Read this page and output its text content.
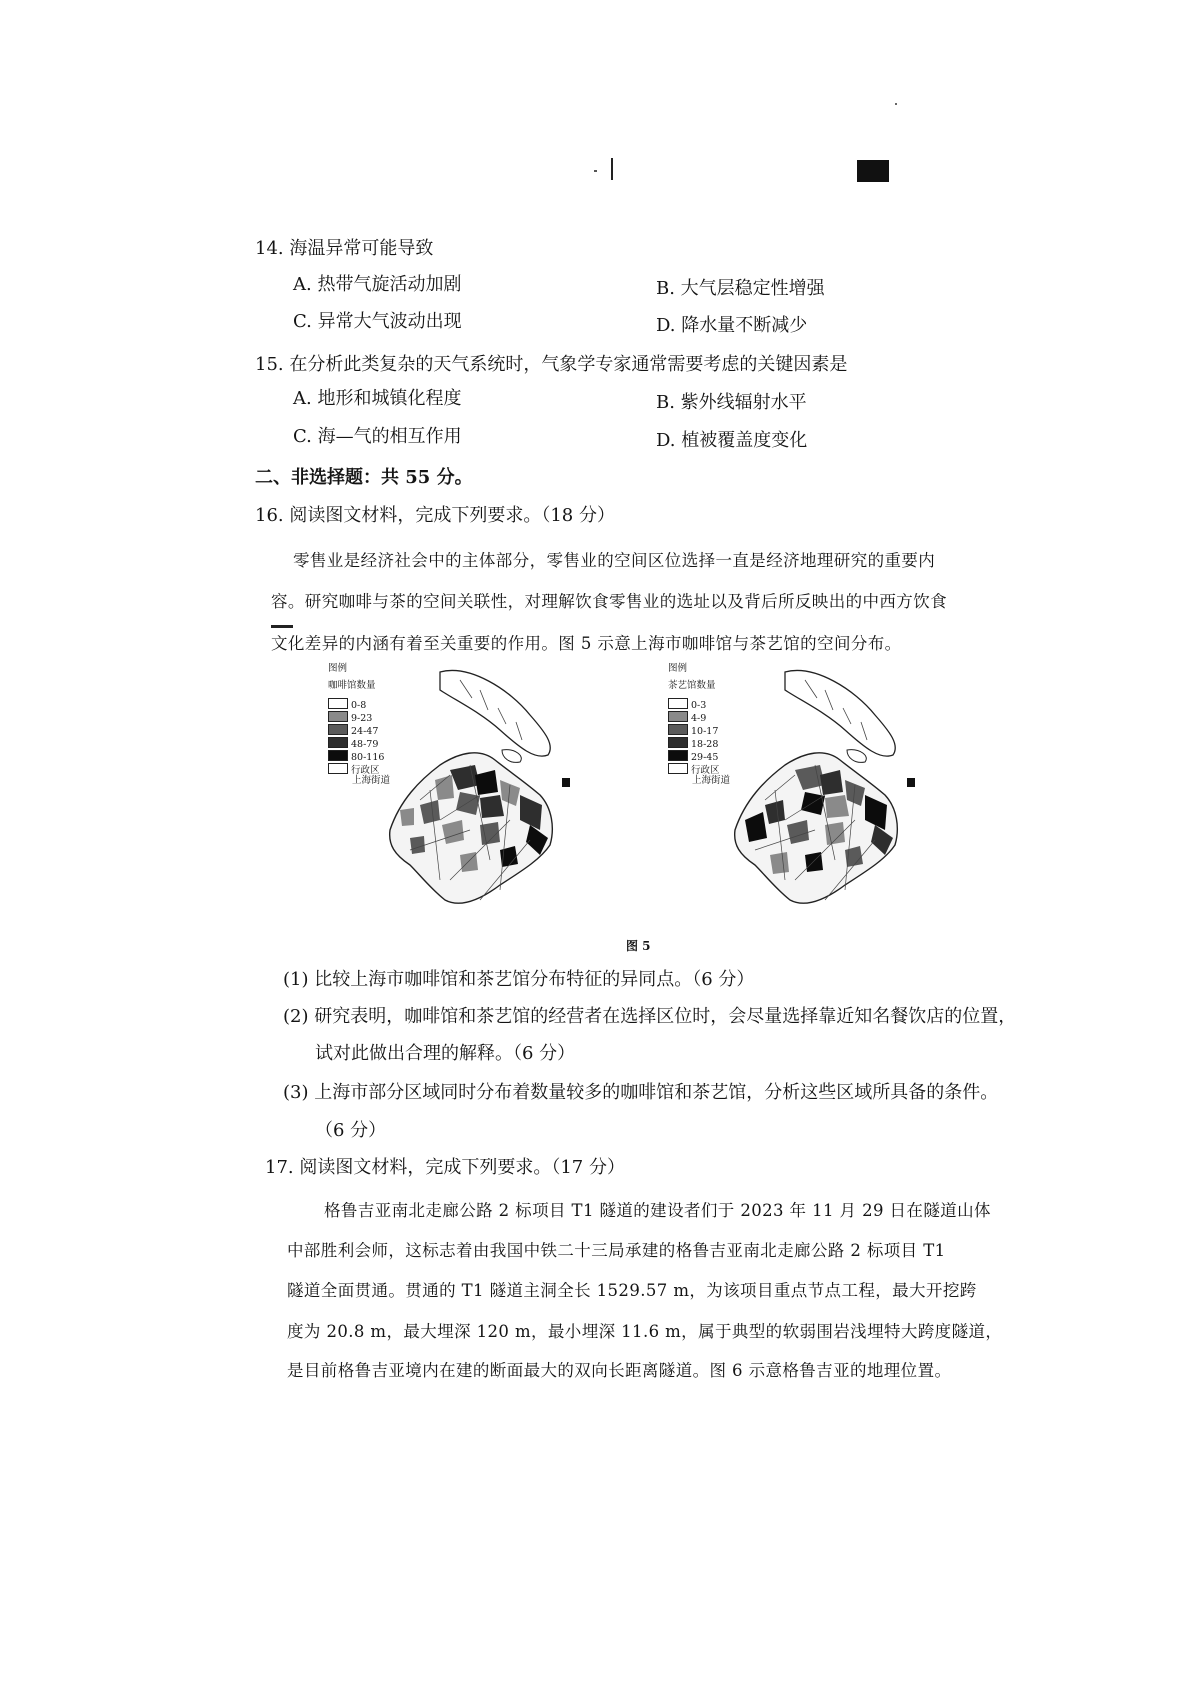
14. 海温异常可能导致
A. 热带气旋活动加剧	B. 大气层稳定性增强
C. 异常大气波动出现	D. 降水量不断减少
15. 在分析此类复杂的天气系统时，气象学专家通常需要考虑的关键因素是
A. 地形和城镇化程度	B. 紫外线辐射水平
C. 海—气的相互作用	D. 植被覆盖度变化
二、非选择题：共 55 分。
16. 阅读图文材料，完成下列要求。（18 分）
零售业是经济社会中的主体部分，零售业的空间区位选择一直是经济地理研究的重要内
容。研究咖啡与茶的空间关联性，对理解饮食零售业的选址以及背后所反映出的中西方饮食
文化差异的内涵有着至关重要的作用。图 5 示意上海市咖啡馆与茶艺馆的空间分布。
图例
咖啡馆数量
0-8
9-23
24-47
48-79
80-116
行政区
上海街道
图例
茶艺馆数量
0-3
4-9
10-17
18-28
29-45
行政区
上海街道
图 5
(1) 比较上海市咖啡馆和茶艺馆分布特征的异同点。（6 分）
(2) 研究表明，咖啡馆和茶艺馆的经营者在选择区位时，会尽量选择靠近知名餐饮店的位置，
试对此做出合理的解释。（6 分）
(3) 上海市部分区域同时分布着数量较多的咖啡馆和茶艺馆，分析这些区域所具备的条件。
（6 分）
17. 阅读图文材料，完成下列要求。（17 分）
格鲁吉亚南北走廊公路 2 标项目 T1 隧道的建设者们于 2023 年 11 月 29 日在隧道山体
中部胜利会师，这标志着由我国中铁二十三局承建的格鲁吉亚南北走廊公路 2 标项目 T1
隧道全面贯通。贯通的 T1 隧道主洞全长 1529.57 m，为该项目重点节点工程，最大开挖跨
度为 20.8 m，最大埋深 120 m，最小埋深 11.6 m，属于典型的软弱围岩浅埋特大跨度隧道，
是目前格鲁吉亚境内在建的断面最大的双向长距离隧道。图 6 示意格鲁吉亚的地理位置。
